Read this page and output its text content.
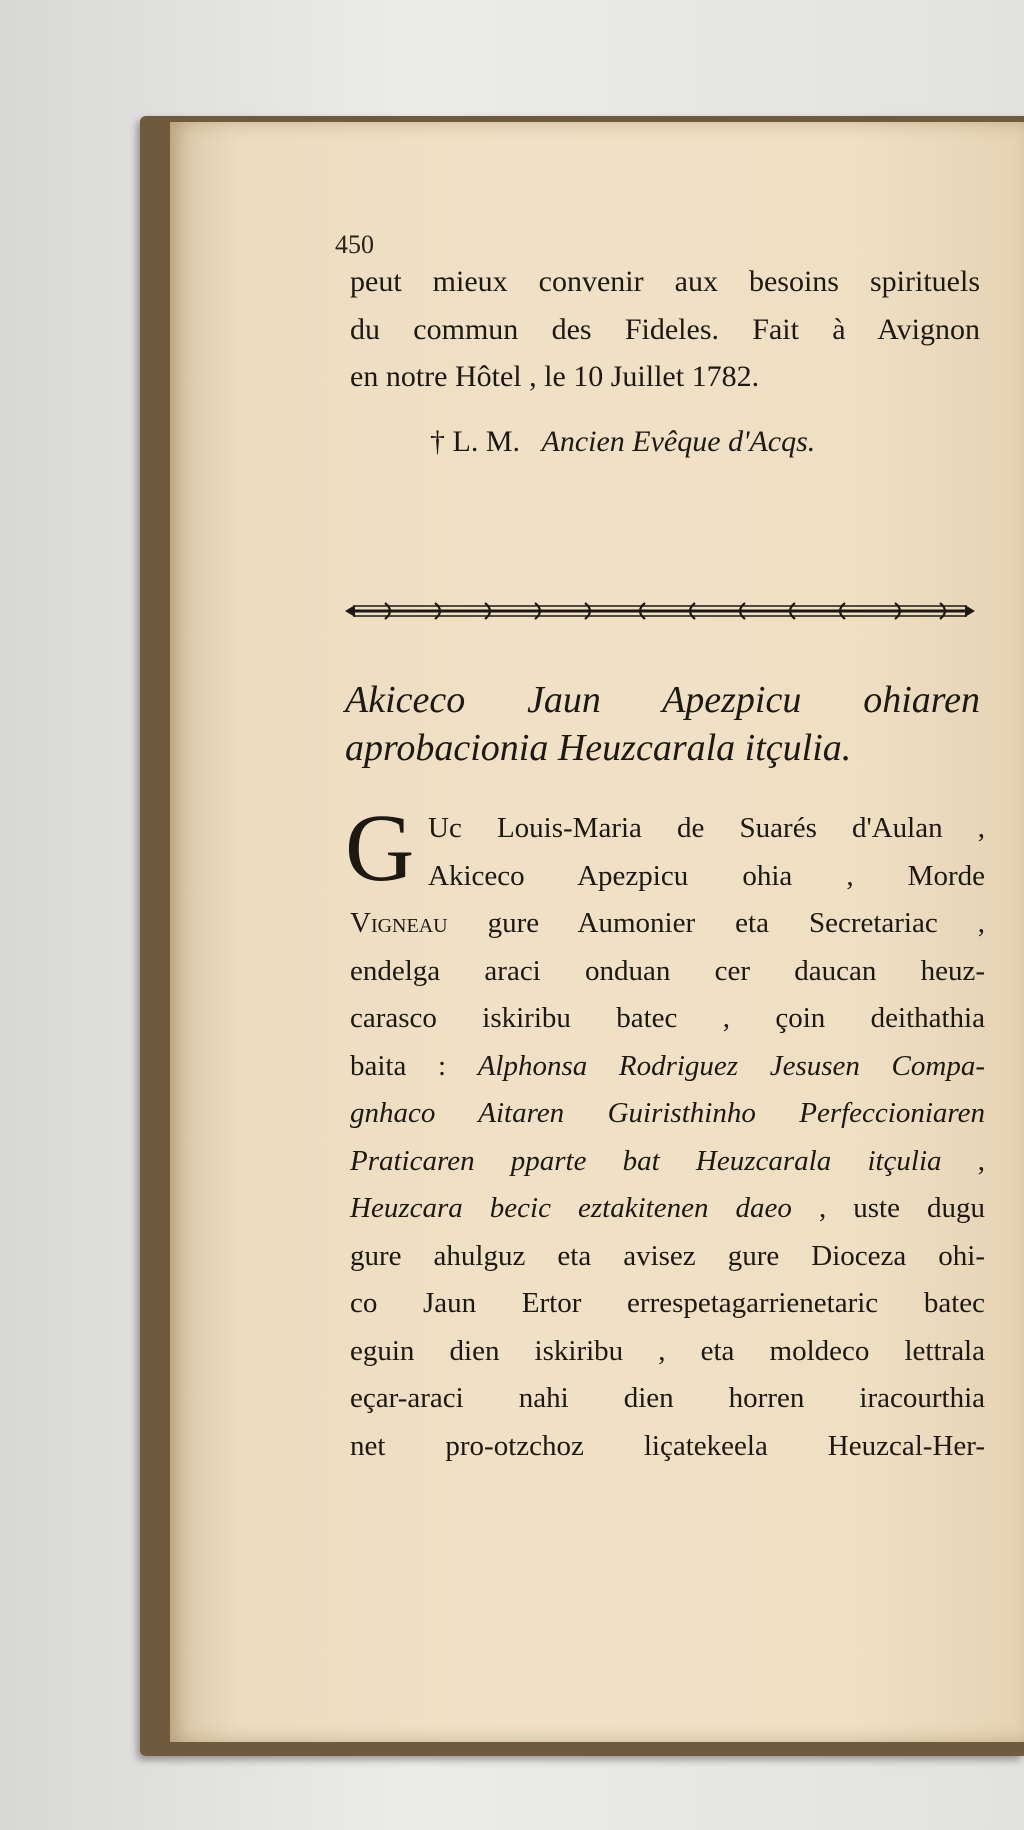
450
peut mieux convenir aux besoins spirituels
du commun des Fideles. Fait à Avignon
en notre Hôtel , le 10 Juillet 1782.
† L. M. Ancien Evêque d'Acqs.
Akiceco Jaun Apezpicu ohiaren
aprobacionia Heuzcarala itçulia.
G Uc Louis-Maria de Suarés d'Aulan ,
Akiceco Apezpicu ohia , Morde
Vigneau gure Aumonier eta Secretariac ,
endelga araci onduan cer daucan heuz-
carasco iskiribu batec , çoin deithathia
baita : Alphonsa Rodriguez Jesusen Compa-
gnhaco Aitaren Guiristhinho Perfeccioniaren
Praticaren pparte bat Heuzcarala itçulia ,
Heuzcara becic eztakitenen daeo , uste dugu
gure ahulguz eta avisez gure Dioceza ohi-
co Jaun Ertor errespetagarrienetaric batec
eguin dien iskiribu , eta moldeco lettrala
eçar-araci nahi dien horren iracourthia
net pro-otzchoz liçatekeela Heuzcal-Her-
